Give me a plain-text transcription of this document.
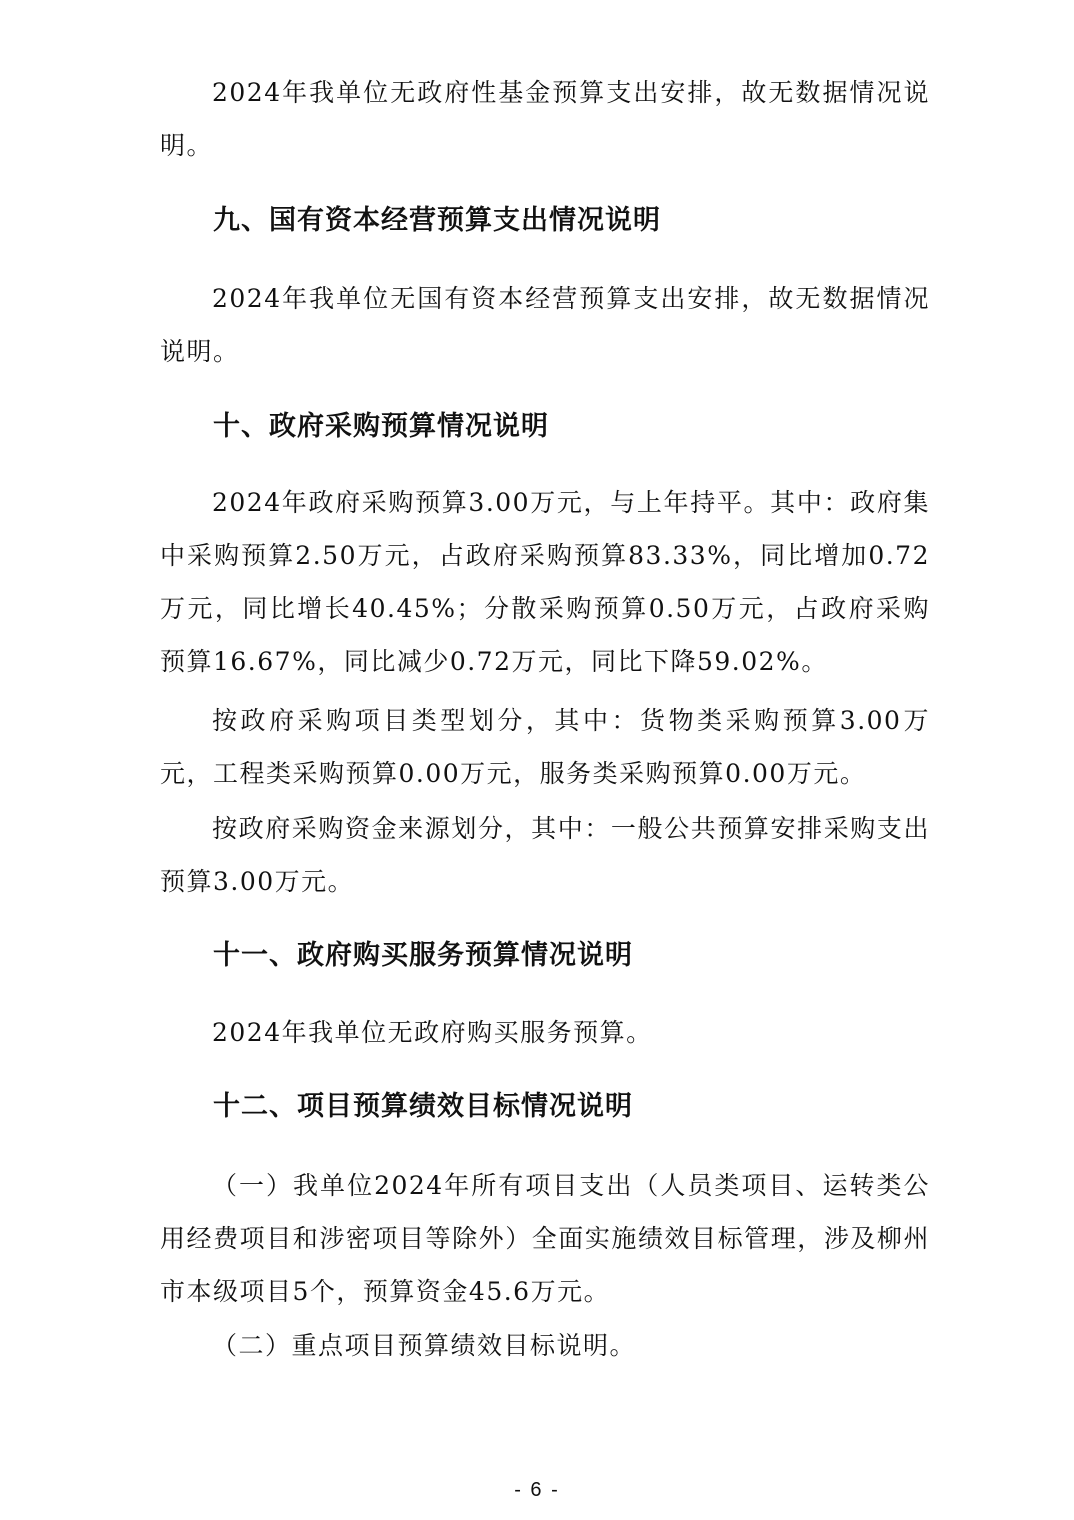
2024年我单位无政府性基金预算支出安排，故无数据情况说明。

九、国有资本经营预算支出情况说明

2024年我单位无国有资本经营预算支出安排，故无数据情况说明。

十、政府采购预算情况说明

2024年政府采购预算3.00万元，与上年持平。其中：政府集中采购预算2.50万元，占政府采购预算83.33%，同比增加0.72万元，同比增长40.45%；分散采购预算0.50万元，占政府采购预算16.67%，同比减少0.72万元，同比下降59.02%。

按政府采购项目类型划分，其中：货物类采购预算3.00万元，工程类采购预算0.00万元，服务类采购预算0.00万元。

按政府采购资金来源划分，其中：一般公共预算安排采购支出预算3.00万元。

十一、政府购买服务预算情况说明

2024年我单位无政府购买服务预算。

十二、项目预算绩效目标情况说明

（一）我单位2024年所有项目支出（人员类项目、运转类公用经费项目和涉密项目等除外）全面实施绩效目标管理，涉及柳州市本级项目5个，预算资金45.6万元。

（二）重点项目预算绩效目标说明。

- 6 -
